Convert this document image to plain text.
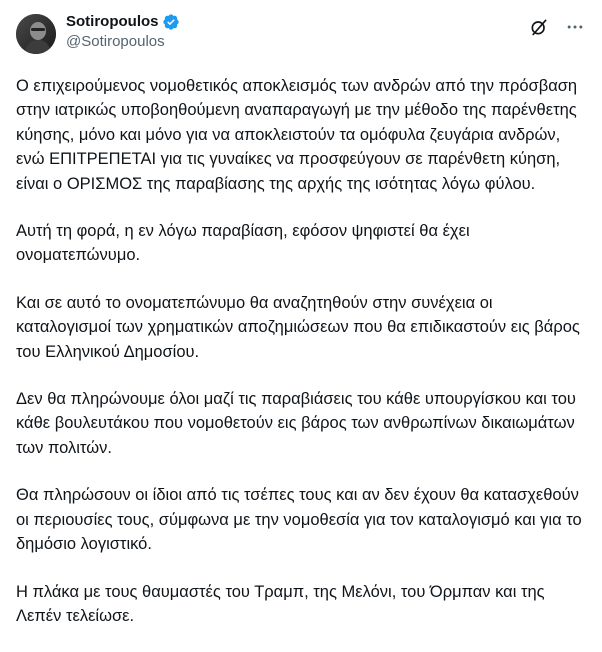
Sotiropoulos
@Sotiropoulos

Ο επιχειρούμενος νομοθετικός αποκλεισμός των ανδρών από την πρόσβαση στην ιατρικώς υποβοηθούμενη αναπαραγωγή με την μέθοδο της παρένθετης κύησης, μόνο και μόνο για να αποκλειστούν τα ομόφυλα ζευγάρια ανδρών, ενώ ΕΠΙΤΡΕΠΕΤΑΙ για τις γυναίκες να προσφεύγουν σε παρένθετη κύηση, είναι ο ΟΡΙΣΜΟΣ της παραβίασης της αρχής της ισότητας λόγω φύλου.

Αυτή τη φορά, η εν λόγω παραβίαση, εφόσον ψηφιστεί θα έχει ονοματεπώνυμο.

Και σε αυτό το ονοματεπώνυμο θα αναζητηθούν στην συνέχεια οι καταλογισμοί των χρηματικών αποζημιώσεων που θα επιδικαστούν εις βάρος του Ελληνικού Δημοσίου.

Δεν θα πληρώνουμε όλοι μαζί τις παραβιάσεις του κάθε υπουργίσκου και του κάθε βουλευτάκου που νομοθετούν εις βάρος των ανθρωπίνων δικαιωμάτων των πολιτών.

Θα πληρώσουν οι ίδιοι από τις τσέπες τους και αν δεν έχουν θα κατασχεθούν οι περιουσίες τους, σύμφωνα με την νομοθεσία για τον καταλογισμό και για το δημόσιο λογιστικό.

Η πλάκα με τους θαυμαστές του Τραμπ, της Μελόνι, του Όρμπαν και της Λεπέν τελείωσε.
